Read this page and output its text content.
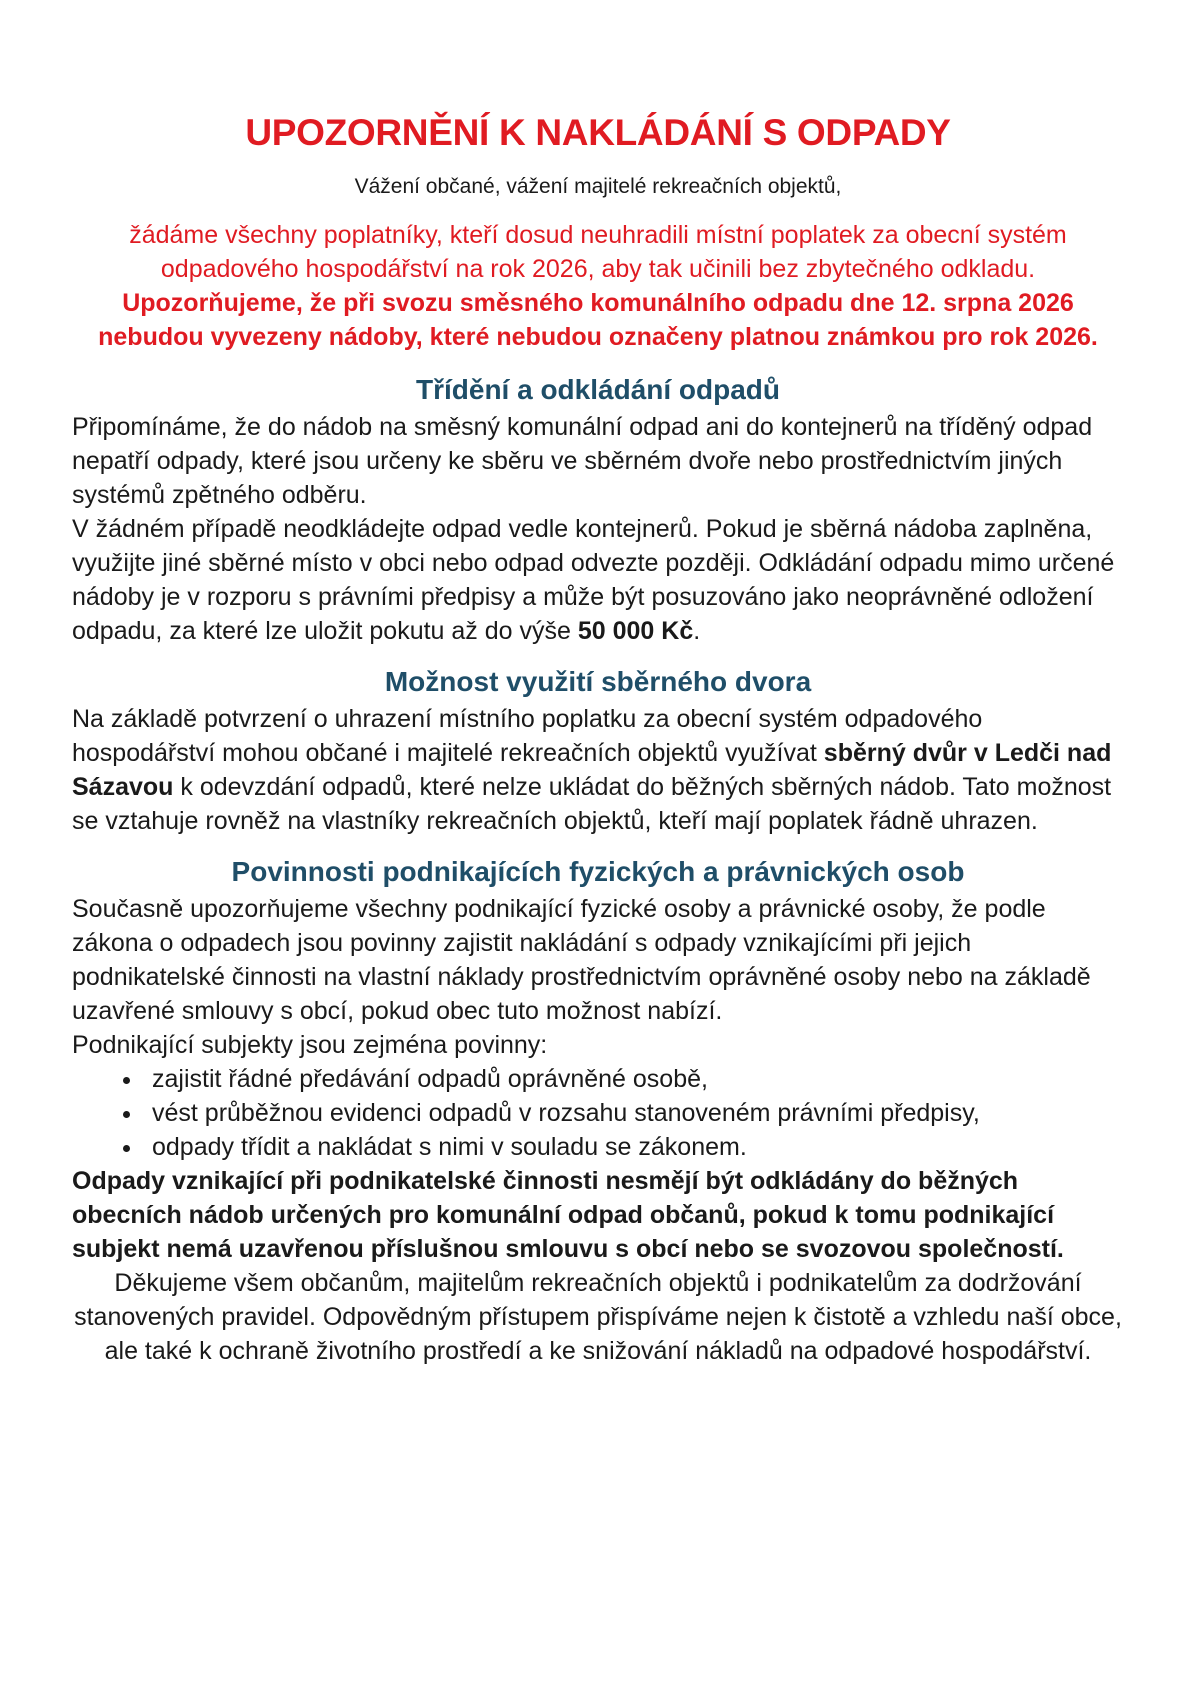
UPOZORNĚNÍ K NAKLÁDÁNÍ S ODPADY

Vážení občané, vážení majitelé rekreačních objektů,

žádáme všechny poplatníky, kteří dosud neuhradili místní poplatek za obecní systém odpadového hospodářství na rok 2026, aby tak učinili bez zbytečného odkladu. Upozorňujeme, že při svozu směsného komunálního odpadu dne 12. srpna 2026 nebudou vyvezeny nádoby, které nebudou označeny platnou známkou pro rok 2026.

Třídění a odkládání odpadů

Připomínáme, že do nádob na směsný komunální odpad ani do kontejnerů na tříděný odpad nepatří odpady, které jsou určeny ke sběru ve sběrném dvoře nebo prostřednictvím jiných systémů zpětného odběru.

V žádném případě neodkládejte odpad vedle kontejnerů. Pokud je sběrná nádoba zaplněna, využijte jiné sběrné místo v obci nebo odpad odvezte později. Odkládání odpadu mimo určené nádoby je v rozporu s právními předpisy a může být posuzováno jako neoprávněné odložení odpadu, za které lze uložit pokutu až do výše 50 000 Kč.

Možnost využití sběrného dvora

Na základě potvrzení o uhrazení místního poplatku za obecní systém odpadového hospodářství mohou občané i majitelé rekreačních objektů využívat sběrný dvůr v Ledči nad Sázavou k odevzdání odpadů, které nelze ukládat do běžných sběrných nádob. Tato možnost se vztahuje rovněž na vlastníky rekreačních objektů, kteří mají poplatek řádně uhrazen.

Povinnosti podnikajících fyzických a právnických osob

Současně upozorňujeme všechny podnikající fyzické osoby a právnické osoby, že podle zákona o odpadech jsou povinny zajistit nakládání s odpady vznikajícími při jejich podnikatelské činnosti na vlastní náklady prostřednictvím oprávněné osoby nebo na základě uzavřené smlouvy s obcí, pokud obec tuto možnost nabízí.

Podnikající subjekty jsou zejména povinny:

• zajistit řádné předávání odpadů oprávněné osobě,
• vést průběžnou evidenci odpadů v rozsahu stanoveném právními předpisy,
• odpady třídit a nakládat s nimi v souladu se zákonem.

Odpady vznikající při podnikatelské činnosti nesmějí být odkládány do běžných obecních nádob určených pro komunální odpad občanů, pokud k tomu podnikající subjekt nemá uzavřenou příslušnou smlouvu s obcí nebo se svozovou společností.

Děkujeme všem občanům, majitelům rekreačních objektů i podnikatelům za dodržování stanovených pravidel. Odpovědným přístupem přispíváme nejen k čistotě a vzhledu naší obce, ale také k ochraně životního prostředí a ke snižování nákladů na odpadové hospodářství.
